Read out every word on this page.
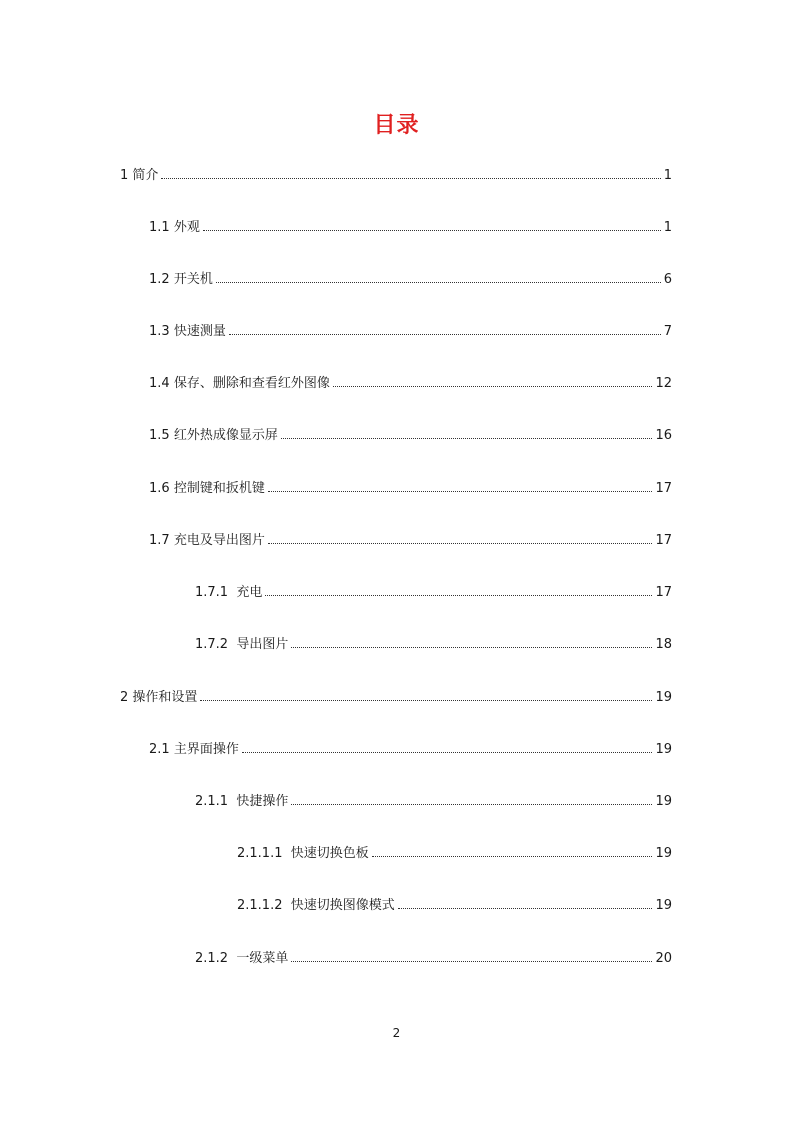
目录
1 简介	1
1.1 外观	1
1.2 开关机	6
1.3 快速测量	7
1.4 保存、删除和查看红外图像	12
1.5 红外热成像显示屏	16
1.6 控制键和扳机键	17
1.7 充电及导出图片	17
1.7.1 充电	17
1.7.2 导出图片	18
2 操作和设置	19
2.1 主界面操作	19
2.1.1 快捷操作	19
2.1.1.1 快速切换色板	19
2.1.1.2 快速切换图像模式	19
2.1.2 一级菜单	20
2
